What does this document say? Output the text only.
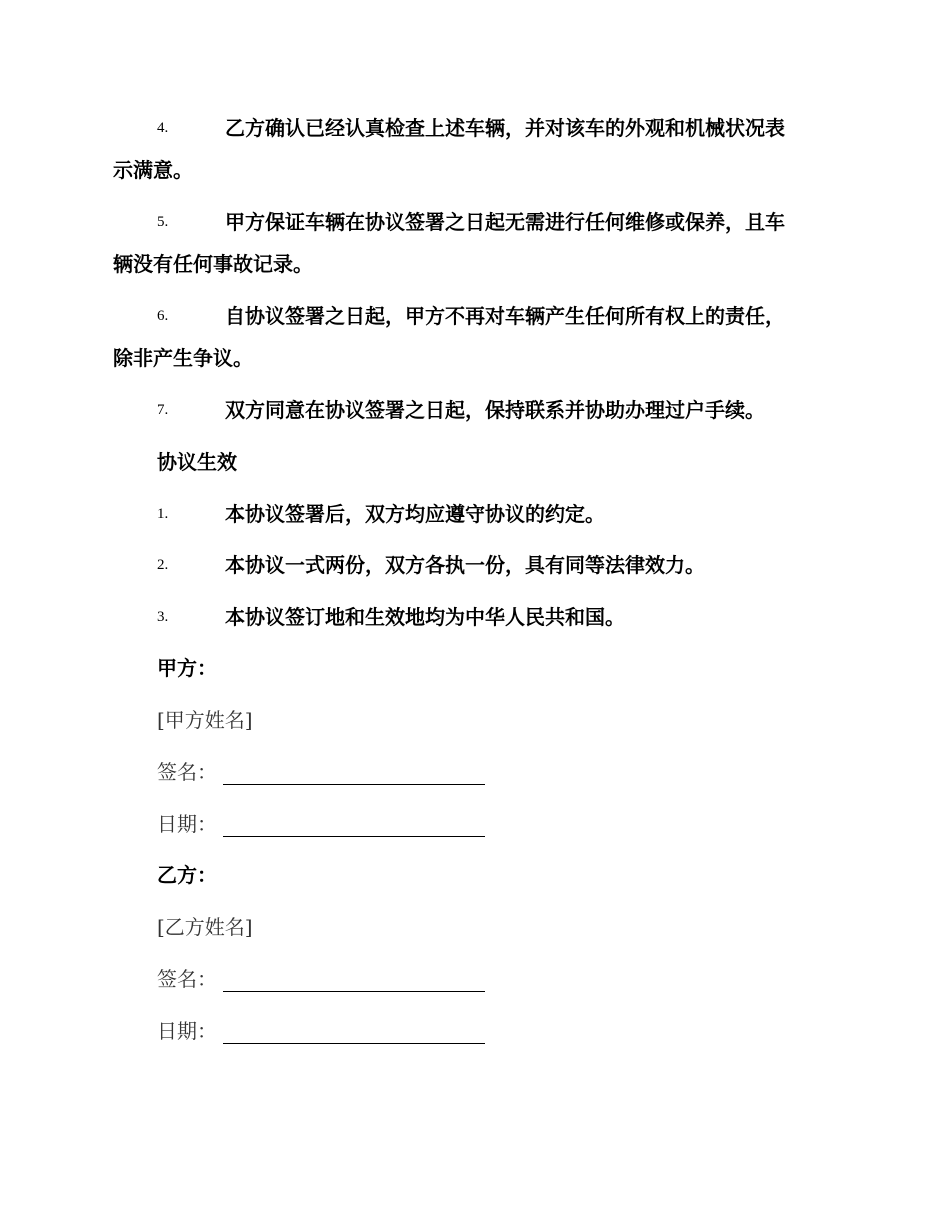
4.	乙方确认已经认真检查上述车辆，并对该车的外观和机械状况表
示满意。
5.	甲方保证车辆在协议签署之日起无需进行任何维修或保养，且车
辆没有任何事故记录。
6.	自协议签署之日起，甲方不再对车辆产生任何所有权上的责任，
除非产生争议。
7.	双方同意在协议签署之日起，保持联系并协助办理过户手续。
协议生效
1.	本协议签署后，双方均应遵守协议的约定。
2.	本协议一式两份，双方各执一份，具有同等法律效力。
3.	本协议签订地和生效地均为中华人民共和国。
甲方：
[甲方姓名]
签名：
日期：
乙方：
[乙方姓名]
签名：
日期：
